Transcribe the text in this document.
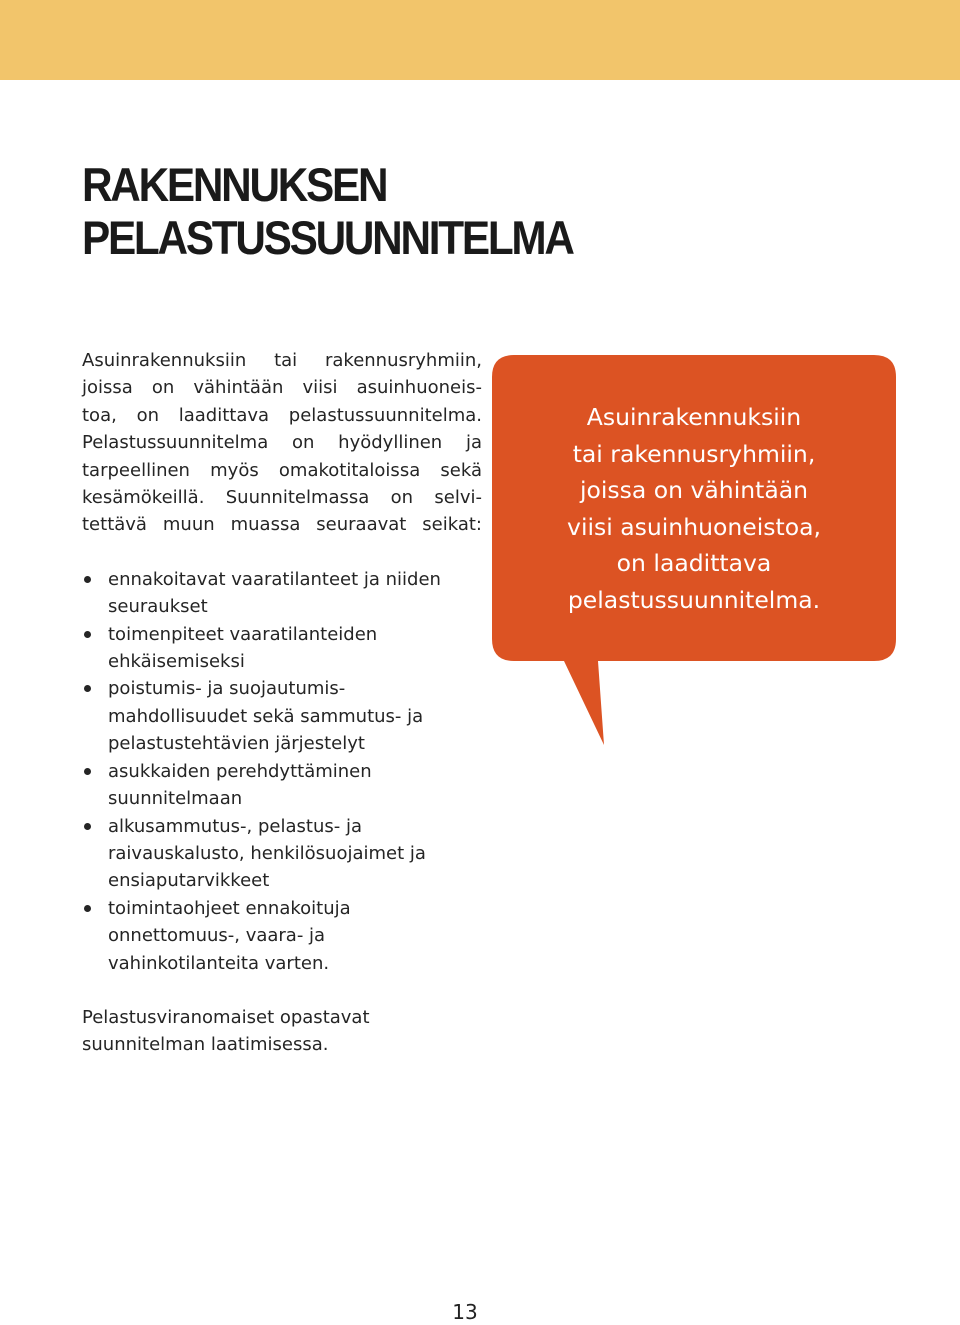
RAKENNUKSEN
PELASTUSSUUNNITELMA

Asuinrakennuksiin tai rakennusryhmiin,
joissa on vähintään viisi asuinhuoneis-
toa, on laadittava pelastussuunnitelma.
Pelastussuunnitelma on hyödyllinen ja
tarpeellinen myös omakotitaloissa sekä
kesämökeillä. Suunnitelmassa on selvi-
tettävä muun muassa seuraavat seikat:

ennakoitavat vaaratilanteet ja niiden
seuraukset
toimenpiteet vaaratilanteiden
ehkäisemiseksi
poistumis- ja suojautumis-
mahdollisuudet sekä sammutus- ja
pelastustehtävien järjestelyt
asukkaiden perehdyttäminen
suunnitelmaan
alkusammutus-, pelastus- ja
raivauskalusto, henkilösuojaimet ja
ensiaputarvikkeet
toimintaohjeet ennakoituja
onnettomuus-, vaara- ja
vahinkotilanteita varten.

Pelastusviranomaiset opastavat
suunnitelman laatimisessa.

Asuinrakennuksiin
tai rakennusryhmiin,
joissa on vähintään
viisi asuinhuoneistoa,
on laadittava
pelastussuunnitelma.

13
